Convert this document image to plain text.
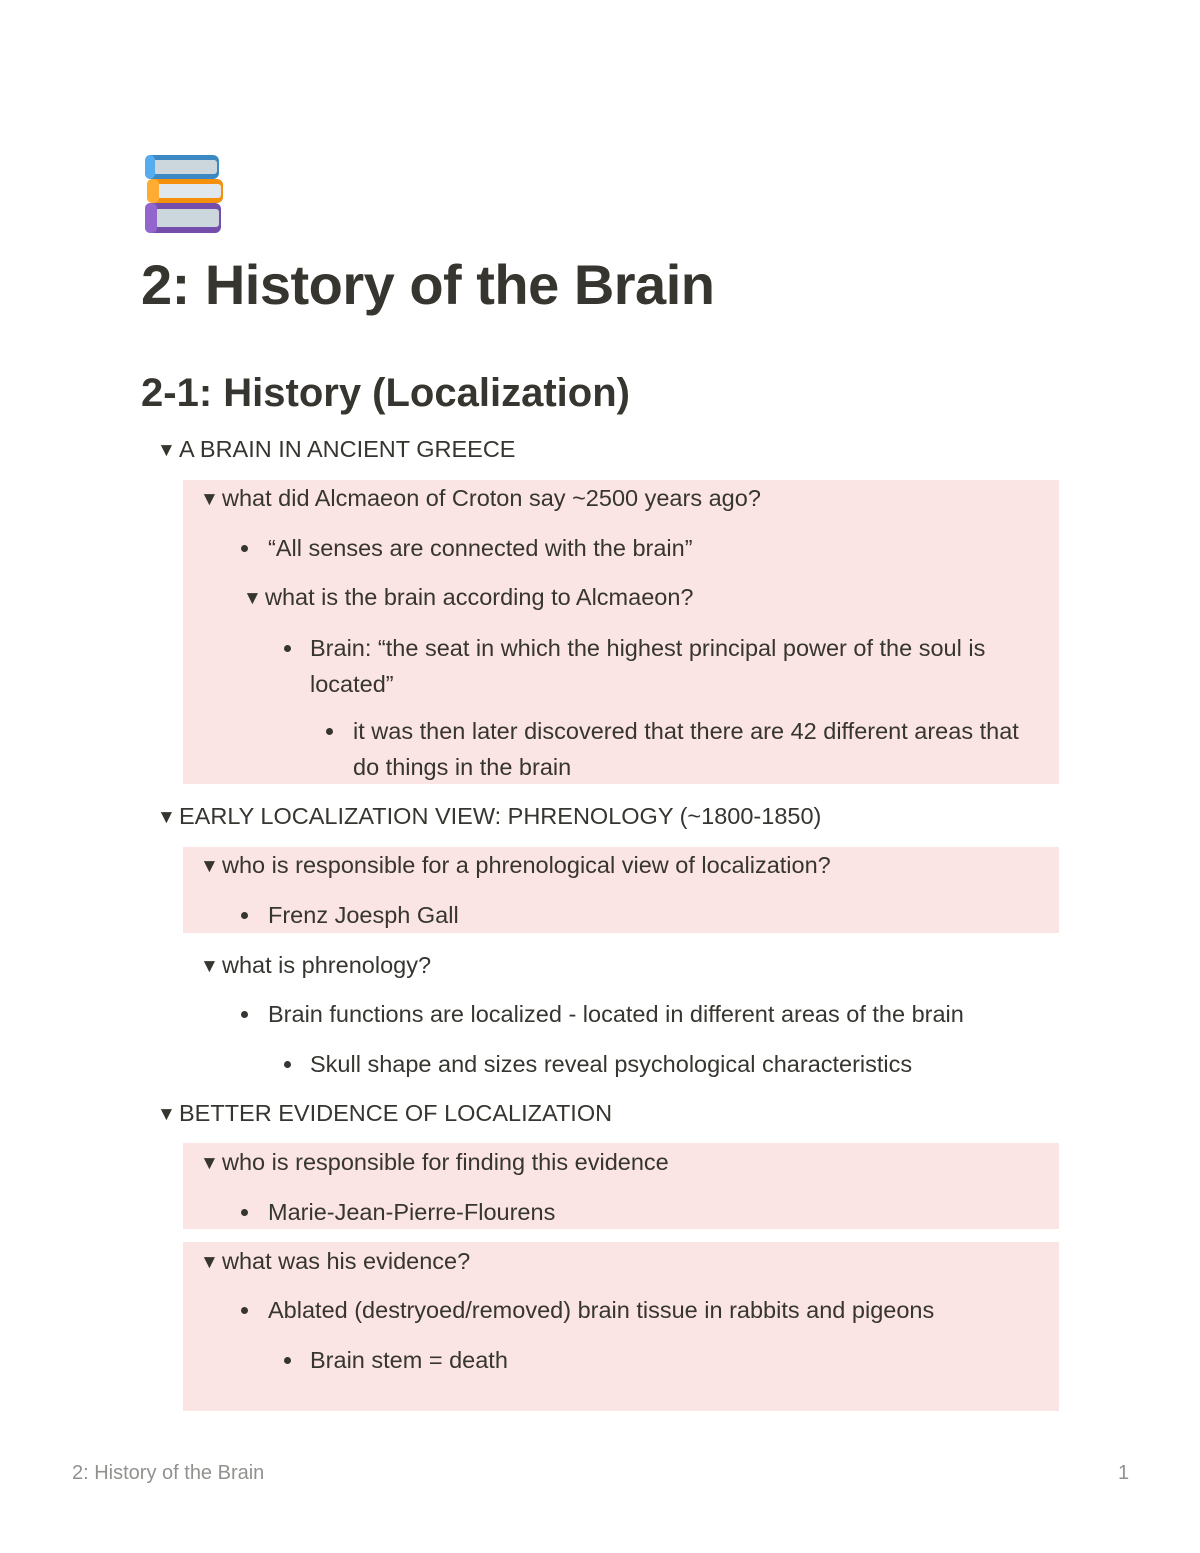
2: History of the Brain
2-1: History (Localization)
▼ A BRAIN IN ANCIENT GREECE
▼ what did Alcmaeon of Croton say ~2500 years ago?
“All senses are connected with the brain”
▼ what is the brain according to Alcmaeon?
Brain: “the seat in which the highest principal power of the soul is located”
it was then later discovered that there are 42 different areas that do things in the brain
▼ EARLY LOCALIZATION VIEW: PHRENOLOGY (~1800-1850)
▼ who is responsible for a phrenological view of localization?
Frenz Joesph Gall
▼ what is phrenology?
Brain functions are localized - located in different areas of the brain
Skull shape and sizes reveal psychological characteristics
▼ BETTER EVIDENCE OF LOCALIZATION
▼ who is responsible for finding this evidence
Marie-Jean-Pierre-Flourens
▼ what was his evidence?
Ablated (destryoed/removed) brain tissue in rabbits and pigeons
Brain stem = death
2: History of the Brain	1
